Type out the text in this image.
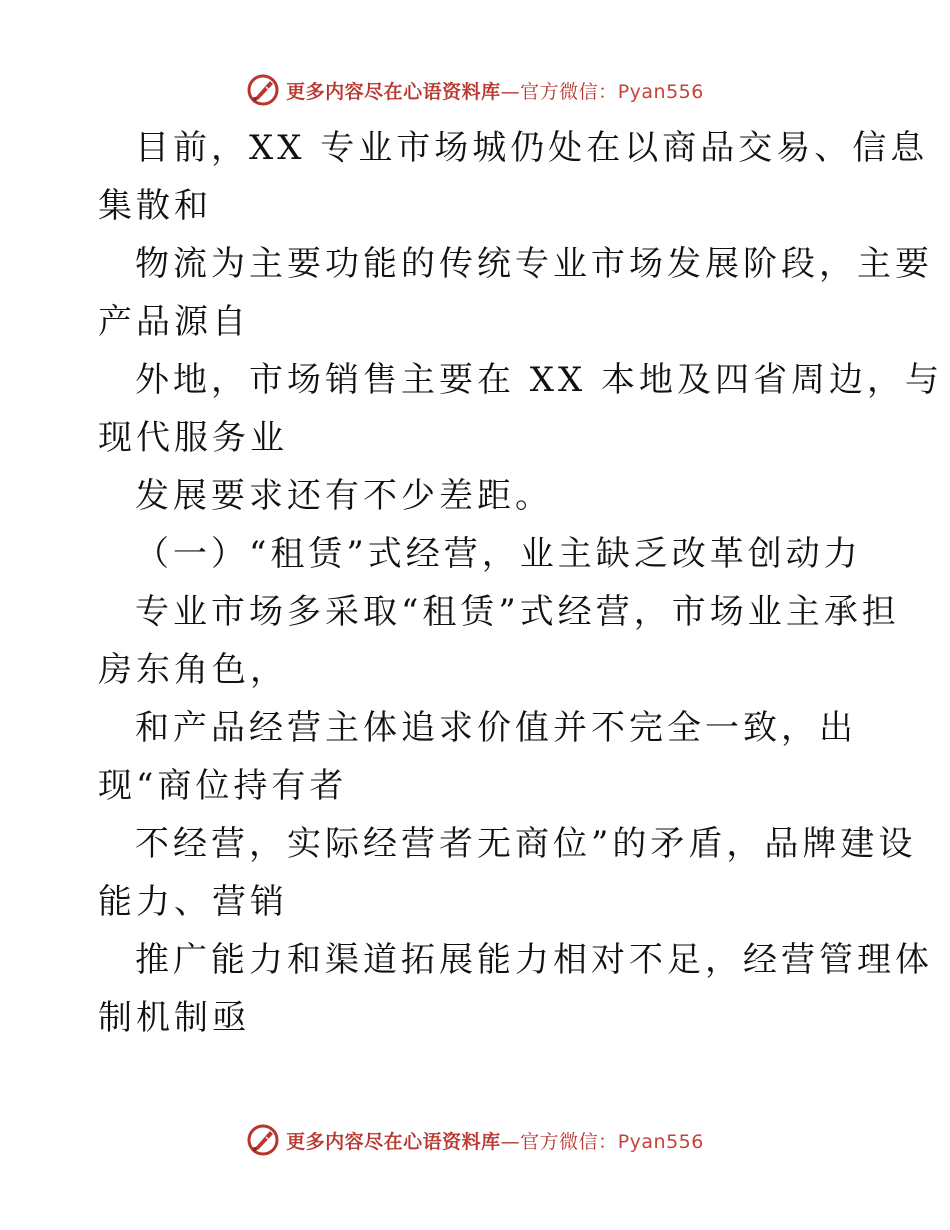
更多内容尽在心语资料库—官方微信：Pyan556
目前，XX 专业市场城仍处在以商品交易、信息
集散和
物流为主要功能的传统专业市场发展阶段，主要
产品源自
外地，市场销售主要在 XX 本地及四省周边，与
现代服务业
发展要求还有不少差距。
（一）“租赁”式经营，业主缺乏改革创动力
专业市场多采取“租赁”式经营，市场业主承担
房东角色，
和产品经营主体追求价值并不完全一致，出
现“商位持有者
不经营，实际经营者无商位”的矛盾，品牌建设
能力、营销
推广能力和渠道拓展能力相对不足，经营管理体
制机制亟
更多内容尽在心语资料库—官方微信：Pyan556
